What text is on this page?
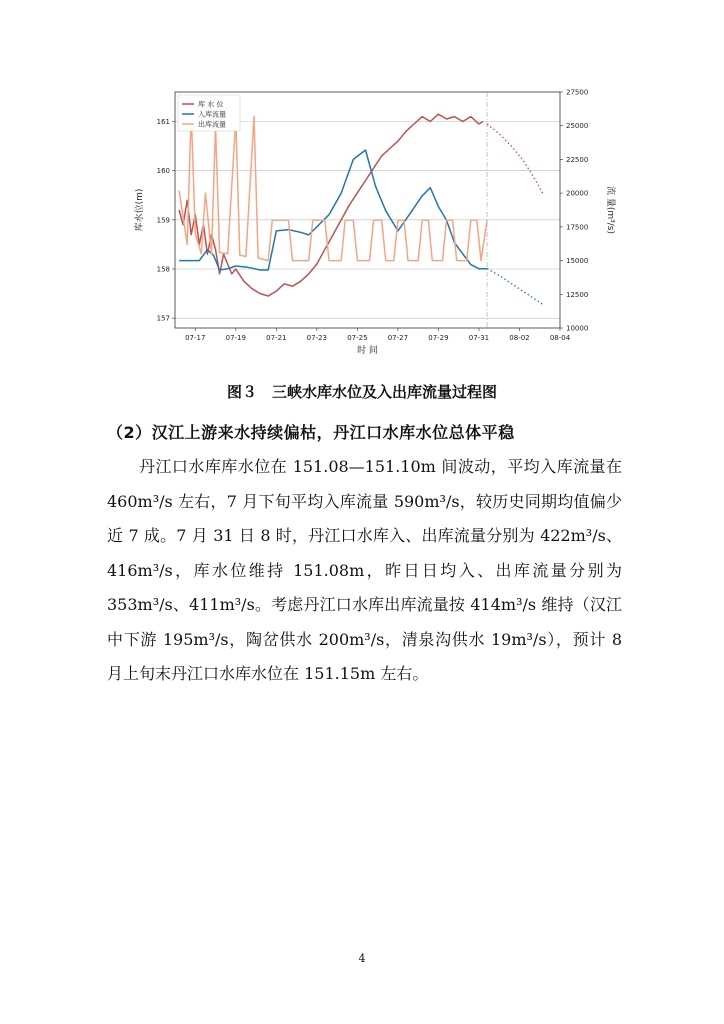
157
158
159
160
161
10000
12500
15000
17500
20000
22500
25000
27500
07-17	07-19	07-21	07-23	07-25	07-27	07-29	07-31	08-02	08-04
时 间
库水位(m)	流 量(m³/s)
库 水 位
入库流量
出库流量

图３　三峡水库水位及入出库流量过程图

（2）汉江上游来水持续偏枯，丹江口水库水位总体平稳

丹江口水库库水位在 151.08—151.10m 间波动，平均入库流量在 460m³/s 左右，7 月下旬平均入库流量 590m³/s，较历史同期均值偏少近 7 成。7 月 31 日 8 时，丹江口水库入、出库流量分别为 422m³/s、416m³/s，库水位维持 151.08m，昨日日均入、出库流量分别为 353m³/s、411m³/s。考虑丹江口水库出库流量按 414m³/s 维持（汉江中下游 195m³/s，陶岔供水 200m³/s，清泉沟供水 19m³/s），预计 8 月上旬末丹江口水库水位在 151.15m 左右。

4
